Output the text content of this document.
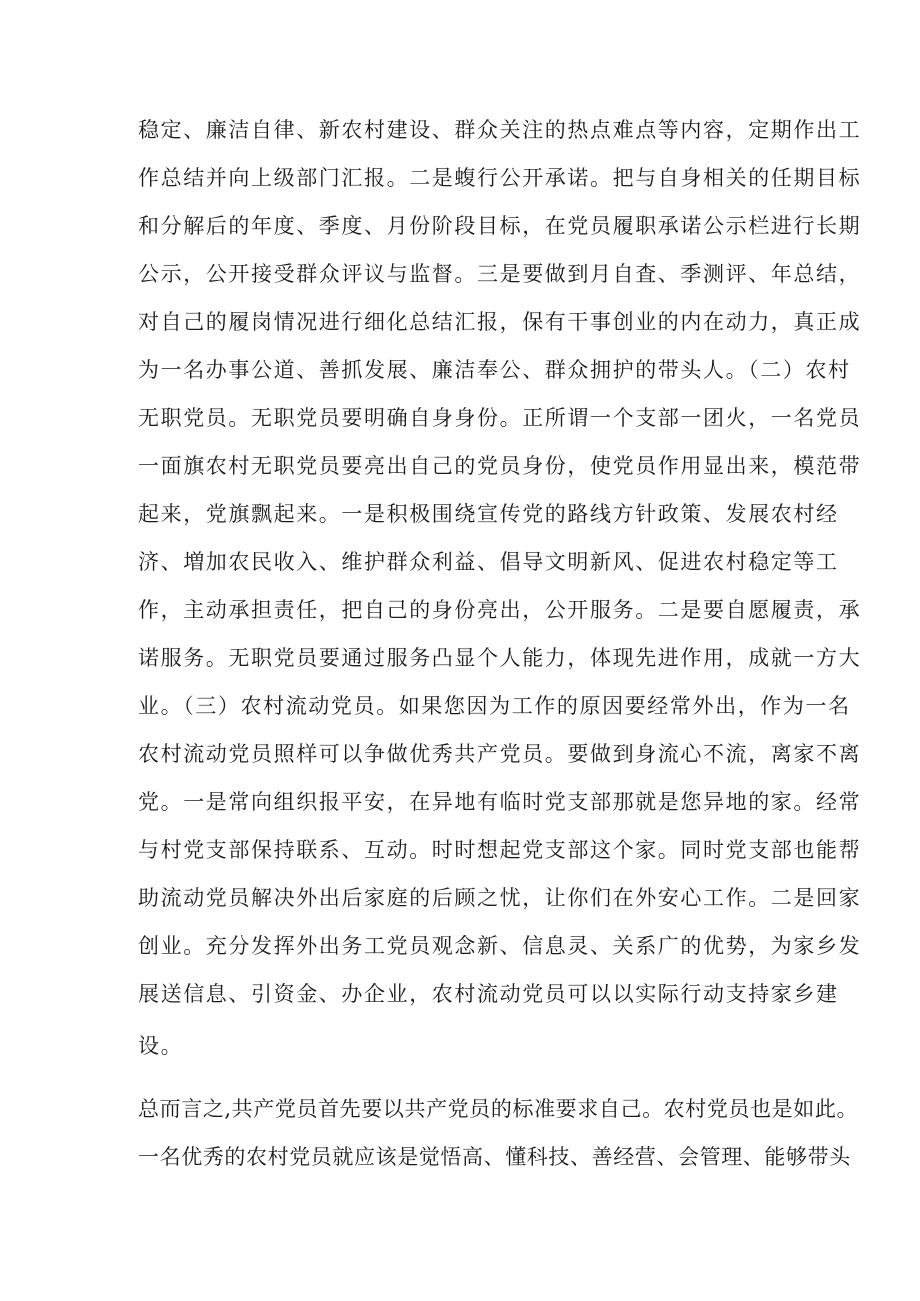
稳定、廉洁自律、新农村建设、群众关注的热点难点等内容，定期作出工
作总结并向上级部门汇报。二是蝮行公开承诺。把与自身相关的任期目标
和分解后的年度、季度、月份阶段目标，在党员履职承诺公示栏进行长期
公示，公开接受群众评议与监督。三是要做到月自査、季测评、年总结，
对自己的履岗情况进行细化总结汇报，保有干事创业的内在动力，真正成
为一名办事公道、善抓发展、廉洁奉公、群众拥护的带头人。（二）农村
无职党员。无职党员要明确自身身份。正所谓一个支部一团火，一名党员
一面旗农村无职党员要亮出自己的党员身份，使党员作用显出来，模范带
起来，党旗飘起来。一是积极围绕宣传党的路线方针政策、发展农村经
济、増加农民收入、维护群众利益、倡导文明新风、促进农村稳定等工
作，主动承担责任，把自己的身份亮出，公开服务。二是要自愿履责，承
诺服务。无职党员要通过服务凸显个人能力，体现先进作用，成就一方大
业。（三）农村流动党员。如果您因为工作的原因要经常外出，作为一名
农村流动党员照样可以争做优秀共产党员。要做到身流心不流，离家不离
党。一是常向组织报平安，在异地有临时党支部那就是您异地的家。经常
与村党支部保持联系、互动。时时想起党支部这个家。同时党支部也能帮
助流动党员解决外出后家庭的后顾之忧，让你们在外安心工作。二是回家
创业。充分发挥外出务工党员观念新、信息灵、关系广的优势，为家乡发
展送信息、引资金、办企业，农村流动党员可以以实际行动支持家乡建
设。
总而言之,共产党员首先要以共产党员的标准要求自己。农村党员也是如此。
一名优秀的农村党员就应该是觉悟高、懂科技、善经营、会管理、能够带头
